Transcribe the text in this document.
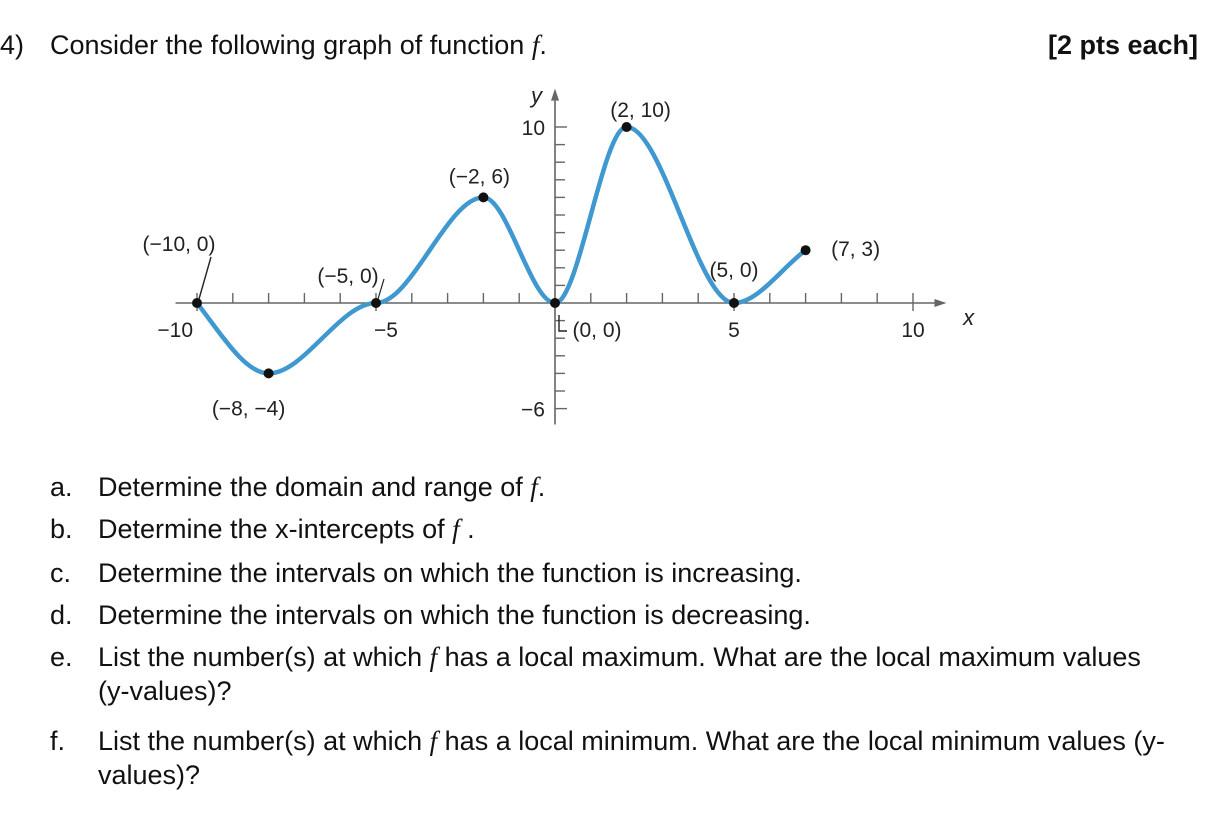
4) Consider the following graph of function f.	[2 pts each]
−10	−5	5	10
10
−6
x
y
(−10, 0)
(−8, −4)
(−5, 0)
(−2, 6)
(0, 0)
(2, 10)
(5, 0)
(7, 3)
a. Determine the domain and range of f.
b. Determine the x-intercepts of f .
c. Determine the intervals on which the function is increasing.
d. Determine the intervals on which the function is decreasing.
e. List the number(s) at which f has a local maximum. What are the local maximum values (y-values)?
f. List the number(s) at which f has a local minimum. What are the local minimum values (y-values)?
